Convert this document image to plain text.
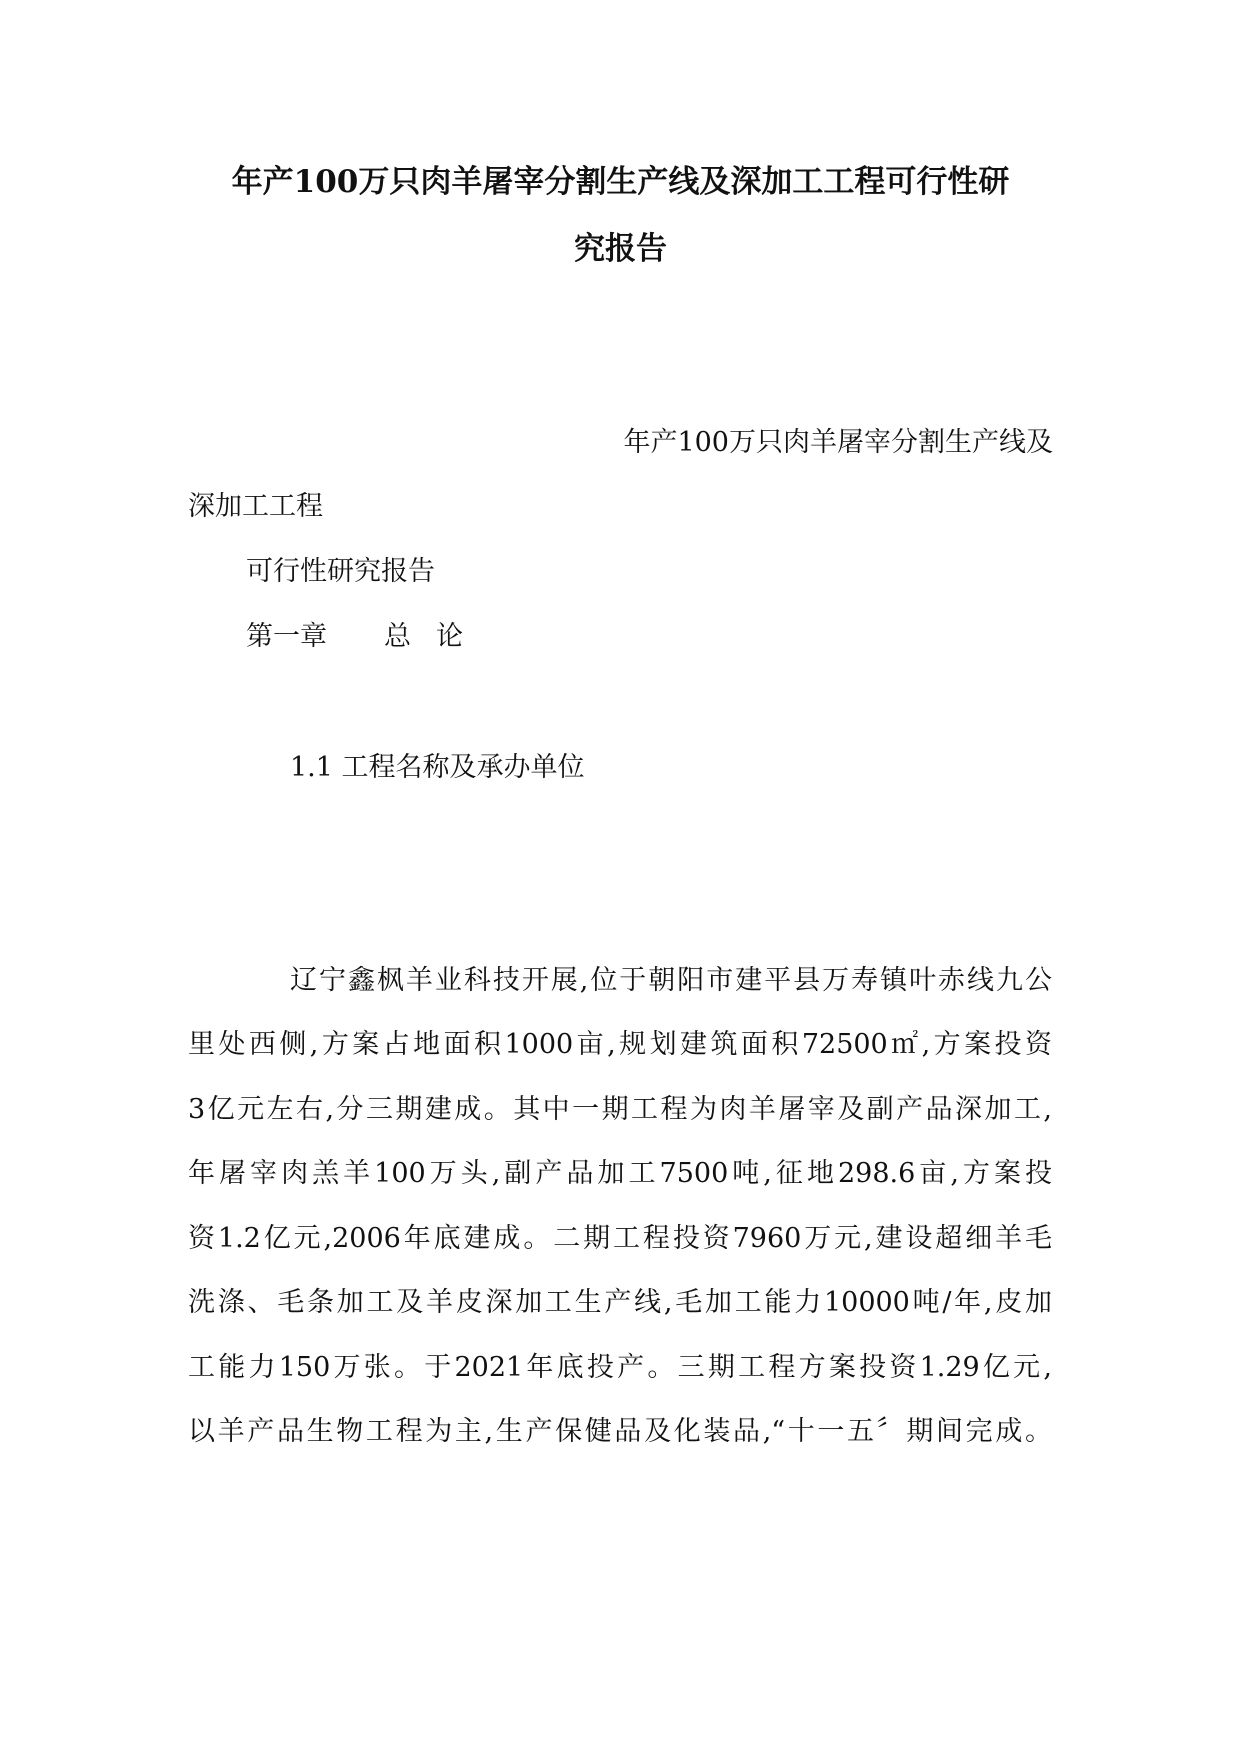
年产100万只肉羊屠宰分割生产线及深加工工程可行性研
究报告
年产100万只肉羊屠宰分割生产线及
深加工工程
可行性研究报告
第一章 总 论
1.1 工程名称及承办单位
辽宁鑫枫羊业科技开展,位于朝阳市建平县万寿镇叶赤线九公
里处西侧,方案占地面积1000亩,规划建筑面积72500㎡,方案投资
3亿元左右,分三期建成。其中一期工程为肉羊屠宰及副产品深加工,
年屠宰肉羔羊100万头,副产品加工7500吨,征地298.6亩,方案投
资1.2亿元,2006年底建成。二期工程投资7960万元,建设超细羊毛
洗涤、毛条加工及羊皮深加工生产线,毛加工能力10000吨/年,皮加
工能力150万张。于2021年底投产。三期工程方案投资1.29亿元,
以羊产品生物工程为主,生产保健品及化装品,“十一五〞期间完成。
